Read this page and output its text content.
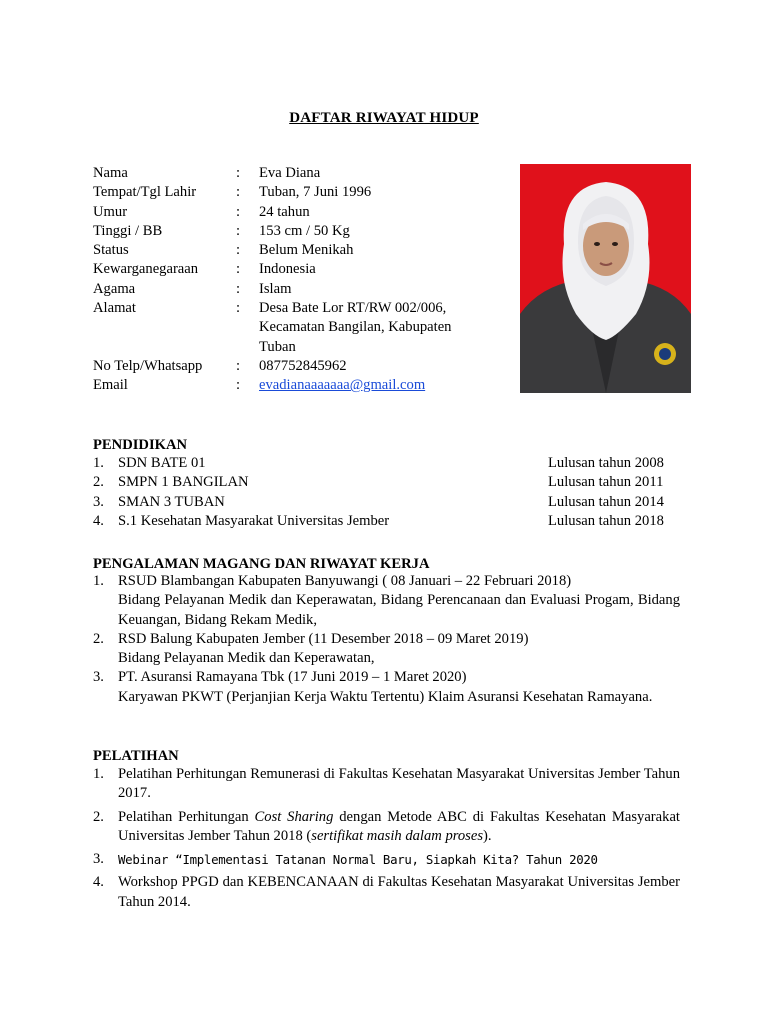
DAFTAR RIWAYAT HIDUP
Nama	: Eva Diana
Tempat/Tgl Lahir	: Tuban, 7 Juni 1996
Umur	: 24 tahun
Tinggi / BB	: 153 cm / 50 Kg
Status	: Belum Menikah
Kewarganegaraan	: Indonesia
Agama	: Islam
Alamat	: Desa Bate Lor RT/RW 002/006, Kecamatan Bangilan, Kabupaten Tuban
No Telp/Whatsapp : 087752845962
Email	: evadianaaaaaaa@gmail.com
PENDIDIKAN
1. SDN BATE 01	Lulusan tahun 2008
2. SMPN 1 BANGILAN	Lulusan tahun 2011
3. SMAN 3 TUBAN	Lulusan tahun 2014
4. S.1 Kesehatan Masyarakat Universitas Jember	Lulusan tahun 2018
PENGALAMAN MAGANG DAN RIWAYAT KERJA
1. RSUD Blambangan Kabupaten Banyuwangi ( 08 Januari – 22 Februari 2018)

Bidang Pelayanan Medik dan Keperawatan, Bidang Perencanaan dan Evaluasi Progam, Bidang Keuangan, Bidang Rekam Medik,

2. RSD Balung Kabupaten Jember (11 Desember 2018 – 09 Maret 2019)

Bidang Pelayanan Medik dan Keperawatan,

3. PT. Asuransi Ramayana Tbk (17 Juni 2019 – 1 Maret 2020)

Karyawan PKWT (Perjanjian Kerja Waktu Tertentu) Klaim Asuransi Kesehatan Ramayana.

PELATIHAN
1. Pelatihan Perhitungan Remunerasi di Fakultas Kesehatan Masyarakat Universitas Jember Tahun 2017.

2. Pelatihan Perhitungan Cost Sharing dengan Metode ABC di Fakultas Kesehatan Masyarakat Universitas Jember Tahun 2018 (sertifikat masih dalam proses).

3. Webinar “Implementasi Tatanan Normal Baru, Siapkah Kita? Tahun 2020

4. Workshop PPGD dan KEBENCANAAN di Fakultas Kesehatan Masyarakat Universitas Jember Tahun 2014.
